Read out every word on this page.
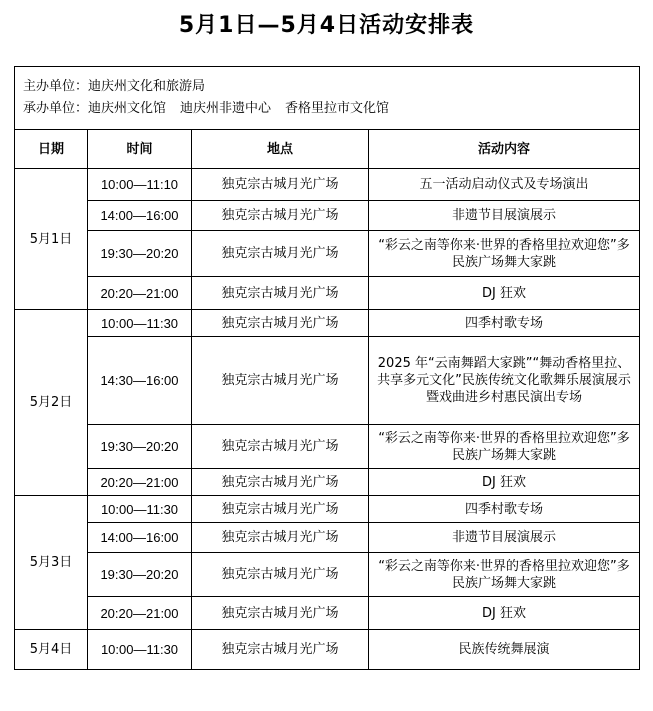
5月1日—5月4日活动安排表
主办单位：迪庆州文化和旅游局
承办单位：迪庆州文化馆 迪庆州非遗中心 香格里拉市文化馆			

日期	时间	地点	活动内容
5月1日	10:00—11:10	独克宗古城月光广场	五一活动启动仪式及专场演出
	14:00—16:00	独克宗古城月光广场	非遗节目展演展示
	19:30—20:20	独克宗古城月光广场	“彩云之南等你来·世界的香格里拉欢迎您”多民族广场舞大家跳
	20:20—21:00	独克宗古城月光广场	DJ 狂欢
5月2日	10:00—11:30	独克宗古城月光广场	四季村歌专场
	14:30—16:00	独克宗古城月光广场	2025 年“云南舞蹈大家跳”“舞动香格里拉、共享多元文化”民族传统文化歌舞乐展演展示暨戏曲进乡村惠民演出专场
	19:30—20:20	独克宗古城月光广场	“彩云之南等你来·世界的香格里拉欢迎您”多民族广场舞大家跳
	20:20—21:00	独克宗古城月光广场	DJ 狂欢
5月3日	10:00—11:30	独克宗古城月光广场	四季村歌专场
	14:00—16:00	独克宗古城月光广场	非遗节目展演展示
	19:30—20:20	独克宗古城月光广场	“彩云之南等你来·世界的香格里拉欢迎您”多民族广场舞大家跳
	20:20—21:00	独克宗古城月光广场	DJ 狂欢
5月4日	10:00—11:30	独克宗古城月光广场	民族传统舞展演
